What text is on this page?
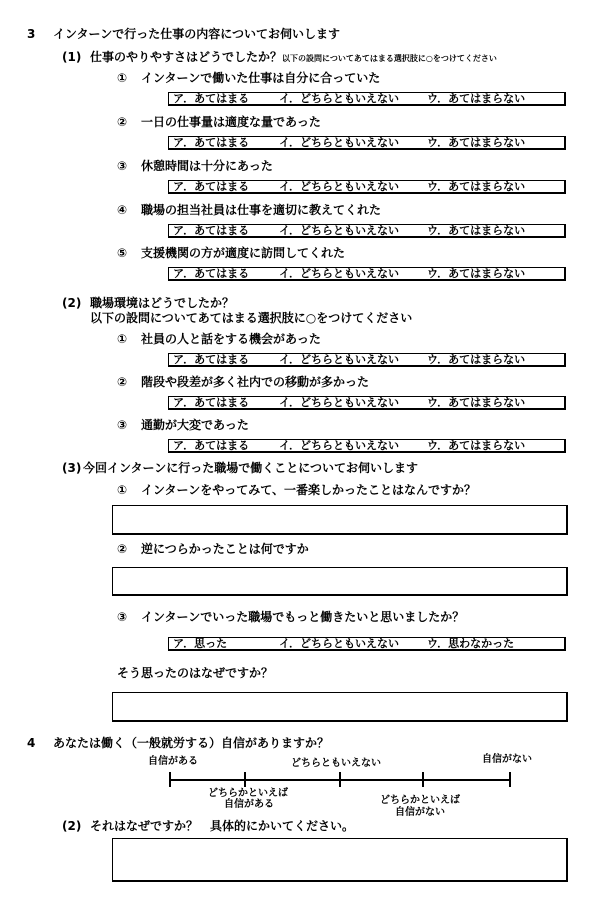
3 インターンで行った仕事の内容についてお伺いします
(1) 仕事のやりやすさはどうでしたか？以下の設問についてあてはまる選択肢に○をつけてください
① インターンで働いた仕事は自分に合っていた
ア．あてはまる	イ．どちらともいえない	ウ．あてはまらない
② 一日の仕事量は適度な量であった
ア．あてはまる	イ．どちらともいえない	ウ．あてはまらない
③ 休憩時間は十分にあった
ア．あてはまる	イ．どちらともいえない	ウ．あてはまらない
④ 職場の担当社員は仕事を適切に教えてくれた
ア．あてはまる	イ．どちらともいえない	ウ．あてはまらない
⑤ 支援機関の方が適度に訪問してくれた
ア．あてはまる	イ．どちらともいえない	ウ．あてはまらない
(2) 職場環境はどうでしたか？
以下の設問についてあてはまる選択肢に○をつけてください
① 社員の人と話をする機会があった
ア．あてはまる	イ．どちらともいえない	ウ．あてはまらない
② 階段や段差が多く社内での移動が多かった
ア．あてはまる	イ．どちらともいえない	ウ．あてはまらない
③ 通勤が大変であった
ア．あてはまる	イ．どちらともいえない	ウ．あてはまらない
(3) 今回インターンに行った職場で働くことについてお伺いします
① インターンをやってみて、一番楽しかったことはなんですか？
② 逆につらかったことは何ですか
③ インターンでいった職場でもっと働きたいと思いましたか？
ア．思った	イ．どちらともいえない	ウ．思わなかった
そう思ったのはなぜですか？
4 あなたは働く（一般就労する）自信がありますか？
自信がある	どちらともいえない	自信がない
どちらかといえば
自信がある	どちらかといえば
自信がない
(2) それはなぜですか？　具体的にかいてください。
